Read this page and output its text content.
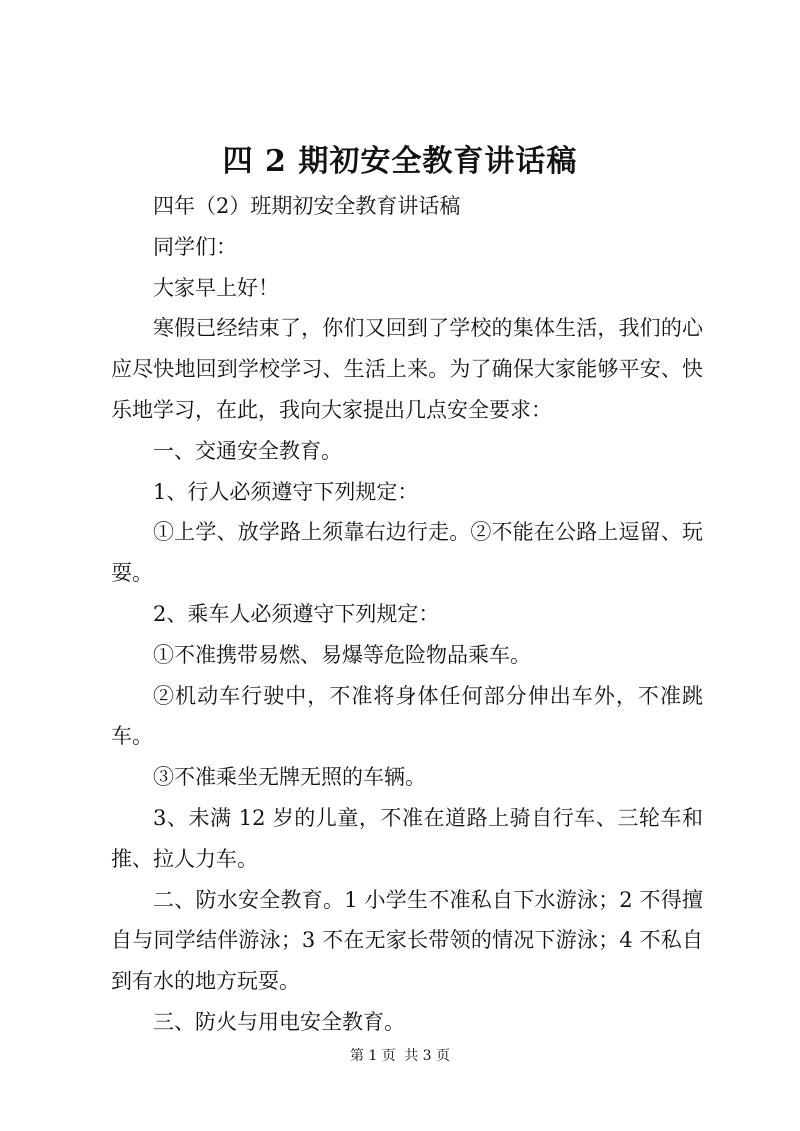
四 2 期初安全教育讲话稿

四年（2）班期初安全教育讲话稿

同学们：

大家早上好！

寒假已经结束了，你们又回到了学校的集体生活，我们的心应尽快地回到学校学习、生活上来。为了确保大家能够平安、快乐地学习，在此，我向大家提出几点安全要求：

一、交通安全教育。

1、行人必须遵守下列规定：

①上学、放学路上须靠右边行走。②不能在公路上逗留、玩耍。

2、乘车人必须遵守下列规定：

①不准携带易燃、易爆等危险物品乘车。

②机动车行驶中，不准将身体任何部分伸出车外，不准跳车。

③不准乘坐无牌无照的车辆。

3、未满 12 岁的儿童，不准在道路上骑自行车、三轮车和推、拉人力车。

二、防水安全教育。1 小学生不准私自下水游泳；2 不得擅自与同学结伴游泳；3 不在无家长带领的情况下游泳；4 不私自到有水的地方玩耍。

三、防火与用电安全教育。

第 1 页 共 3 页
